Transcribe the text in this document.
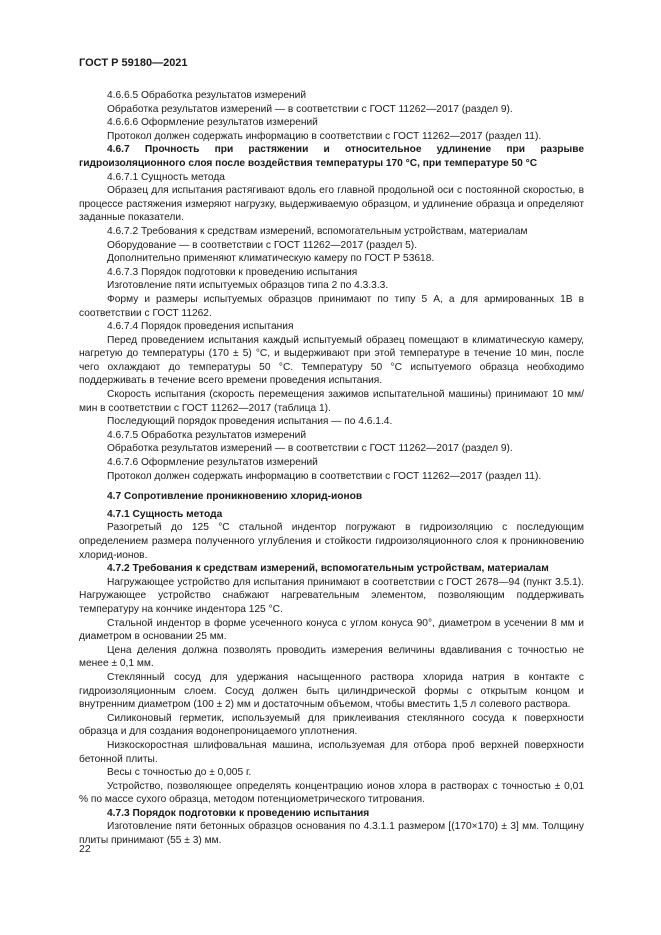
ГОСТ Р 59180—2021

4.6.6.5 Обработка результатов измерений

Обработка результатов измерений — в соответствии с ГОСТ 11262—2017 (раздел 9).

4.6.6.6 Оформление результатов измерений

Протокол должен содержать информацию в соответствии с ГОСТ 11262—2017 (раздел 11).

4.6.7 Прочность при растяжении и относительное удлинение при разрыве гидроизоляционного слоя после воздействия температуры 170 °С, при температуре 50 °С

4.6.7.1 Сущность метода

Образец для испытания растягивают вдоль его главной продольной оси с постоянной скоростью, в процессе растяжения измеряют нагрузку, выдерживаемую образцом, и удлинение образца и определяют заданные показатели.

4.6.7.2 Требования к средствам измерений, вспомогательным устройствам, материалам

Оборудование — в соответствии с ГОСТ 11262—2017 (раздел 5).

Дополнительно применяют климатическую камеру по ГОСТ Р 53618.

4.6.7.3 Порядок подготовки к проведению испытания

Изготовление пяти испытуемых образцов типа 2 по 4.3.3.3.

Форму и размеры испытуемых образцов принимают по типу 5 А, а для армированных 1В в соответствии с ГОСТ 11262.

4.6.7.4 Порядок проведения испытания

Перед проведением испытания каждый испытуемый образец помещают в климатическую камеру, нагретую до температуры (170 ± 5) °С, и выдерживают при этой температуре в течение 10 мин, после чего охлаждают до температуры 50 °С. Температуру 50 °С испытуемого образца необходимо поддерживать в течение всего времени проведения испытания.

Скорость испытания (скорость перемещения зажимов испытательной машины) принимают 10 мм/мин в соответствии с ГОСТ 11262—2017 (таблица 1).

Последующий порядок проведения испытания — по 4.6.1.4.

4.6.7.5 Обработка результатов измерений

Обработка результатов измерений — в соответствии с ГОСТ 11262—2017 (раздел 9).

4.6.7.6 Оформление результатов измерений

Протокол должен содержать информацию в соответствии с ГОСТ 11262—2017 (раздел 11).

4.7 Сопротивление проникновению хлорид-ионов

4.7.1 Сущность метода

Разогретый до 125 °С стальной индентор погружают в гидроизоляцию с последующим определением размера полученного углубления и стойкости гидроизоляционного слоя к проникновению хлорид-ионов.

4.7.2 Требования к средствам измерений, вспомогательным устройствам, материалам

Нагружающее устройство для испытания принимают в соответствии с ГОСТ 2678—94 (пункт 3.5.1). Нагружающее устройство снабжают нагревательным элементом, позволяющим поддерживать температуру на кончике индентора 125 °С.

Стальной индентор в форме усеченного конуса с углом конуса 90°, диаметром в усечении 8 мм и диаметром в основании 25 мм.

Цена деления должна позволять проводить измерения величины вдавливания с точностью не менее ± 0,1 мм.

Стеклянный сосуд для удержания насыщенного раствора хлорида натрия в контакте с гидроизоляционным слоем. Сосуд должен быть цилиндрической формы с открытым концом и внутренним диаметром (100 ± 2) мм и достаточным объемом, чтобы вместить 1,5 л солевого раствора.

Силиконовый герметик, используемый для приклеивания стеклянного сосуда к поверхности образца и для создания водонепроницаемого уплотнения.

Низкоскоростная шлифовальная машина, используемая для отбора проб верхней поверхности бетонной плиты.

Весы с точностью до ± 0,005 г.

Устройство, позволяющее определять концентрацию ионов хлора в растворах с точностью ± 0,01 % по массе сухого образца, методом потенциометрического титрования.

4.7.3 Порядок подготовки к проведению испытания

Изготовление пяти бетонных образцов основания по 4.3.1.1 размером [(170×170) ± 3] мм. Толщину плиты принимают (55 ± 3) мм.

22
